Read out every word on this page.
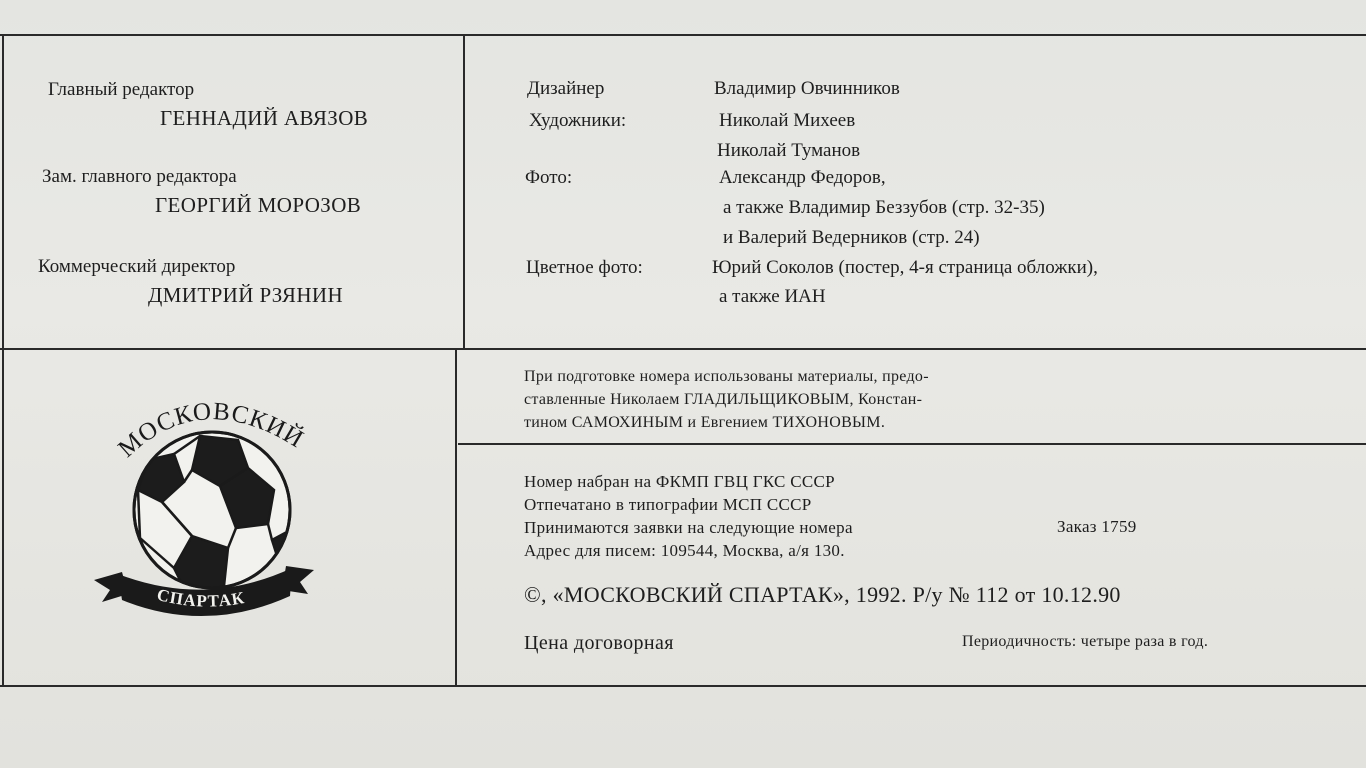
Главный редактор
ГЕННАДИЙ АВЯЗОВ
Зам. главного редактора
ГЕОРГИЙ МОРОЗОВ
Коммерческий директор
ДМИТРИЙ РЗЯНИН
Дизайнер	Владимир Овчинников
Художники:	Николай Михеев
Николай Туманов
Фото:	Александр Федоров,
а также Владимир Беззубов (стр. 32-35)
и Валерий Ведерников (стр. 24)
Цветное фото:	Юрий Соколов (постер, 4-я страница обложки),
а также ИАН
При подготовке номера использованы материалы, предо-
ставленные Николаем ГЛАДИЛЬЩИКОВЫМ, Констан-
тином САМОХИНЫМ и Евгением ТИХОНОВЫМ.
Номер набран на ФКМП ГВЦ ГКС СССР
Отпечатано в типографии МСП СССР
Принимаются заявки на следующие номера	Заказ 1759
Адрес для писем: 109544, Москва, а/я 130.
©, «МОСКОВСКИЙ СПАРТАК», 1992. Р/у № 112 от 10.12.90
Цена договорная	Периодичность: четыре раза в год.
МОСКОВСКИЙ
СПАРТАК
